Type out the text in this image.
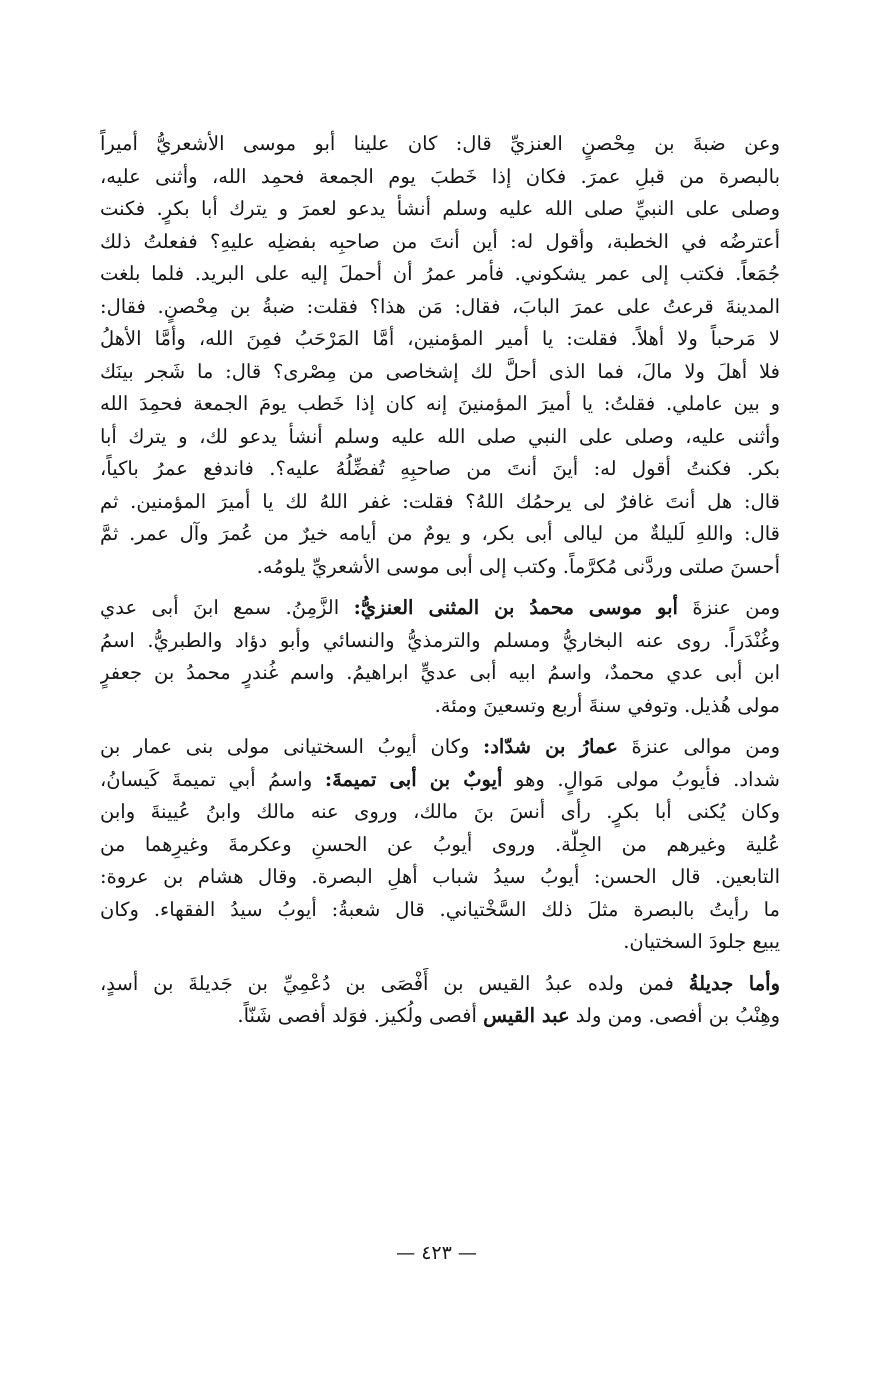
وعن ضبةَ بن مِحْصنٍ العنزيِّ قال: كان علينا أبو موسى الأشعريُّ أميراً
بالبصرة من قبلِ عمرَ. فكان إذا خَطبَ يوم الجمعة فحمِد الله، وأثنى عليه،
وصلى على النبيِّ صلى الله عليه وسلم أنشأ يدعو لعمرَ و يترك أبا بكرٍ. فكنت
أعترضُه في الخطبة، وأقول له: أين أنتَ من صاحبِه بفضلِه عليهِ؟ ففعلتُ ذلك
جُمَعاً. فكتب إلى عمر يشكوني. فأمر عمرُ أن أحملَ إليه على البريد. فلما بلغت
المدينةَ قرعتُ على عمرَ البابَ، فقال: مَن هذا؟ فقلت: ضبةُ بن مِحْصنٍ. فقال:
لا مَرحباً ولا أهلاً. فقلت: يا أمير المؤمنين، أمَّا المَرْحَبُ فمِنَ الله، وأمَّا الأهلُ
فلا أهلَ ولا مالَ، فما الذى أحلَّ لك إشخاصى من مِصْرى؟ قال: ما شَجر بينَك
و بين عاملي. فقلتُ: يا أميرَ المؤمنينَ إنه كان إذا خَطب يومَ الجمعة فحمِدَ الله
وأثنى عليه، وصلى على النبي صلى الله عليه وسلم أنشأ يدعو لك، و يترك أبا
بكر. فكنتُ أقول له: أينَ أنتَ من صاحبِهِ تُفضِّلُهُ عليه؟. فاندفع عمرُ باكياً،
قال: هل أنتَ غافرٌ لى يرحمُك اللهُ؟ فقلت: غفر اللهُ لك يا أميرَ المؤمنين. ثم
قال: واللهِ لَليلةٌ من ليالى أبى بكر، و يومٌ من أيامه خيرٌ من عُمرَ وآل عمر. ثمَّ
أحسنَ صلتى وردَّنى مُكرَّماً. وكتب إلى أبى موسى الأشعريِّ يلومُه.

ومن عنزةَ أبو موسى محمدُ بن المثنى العنزيُّ: الزَّمِنُ. سمع ابنَ أبى عدي
وغُنْدَراً. روى عنه البخاريُّ ومسلم والترمذيُّ والنسائي وأبو دؤاد والطبريُّ. اسمُ
ابن أبى عدي محمدٌ، واسمُ ابيه أبى عديٍّ ابراهيمُ. واسم غُندرٍ محمدُ بن جعفرٍ
مولى هُذيل. وتوفي سنةَ أربع وتسعينَ ومئة.

ومن موالى عنزةَ عمارُ بن شدّاد: وكان أيوبُ السختيانى مولى بنى عمار بن
شداد. فأيوبُ مولى مَوالٍ. وهو أيوبٌ بن أبى تميمةَ: واسمُ أبي تميمةَ كَيسانُ،
وكان يُكنى أبا بكرٍ. رأى أنسَ بنَ مالك، وروى عنه مالك وابنُ عُيينةَ وابن
عُلية وغيرهم من الجِلَّة. وروى أيوبُ عن الحسنِ وعكرمةَ وغيرِهما من
التابعين. قال الحسن: أيوبُ سيدُ شباب أهلِ البصرة. وقال هشام بن عروة:
ما رأيتُ بالبصرة مثلَ ذلك السَّخْتياني. قال شعبةُ: أيوبُ سيدُ الفقهاء. وكان
يبيع جلودَ السختيان.

وأما جديلةُ فمن ولده عبدُ القيس بن أَفْصَى بن دُعْمِيِّ بن جَديلةَ بن أسدٍ،
وهِنْبُ بن أفصى. ومن ولد عبد القيس أفصى ولُكيز. فوَلد أفصى شَنّاً.

— ٤٢٣ —
